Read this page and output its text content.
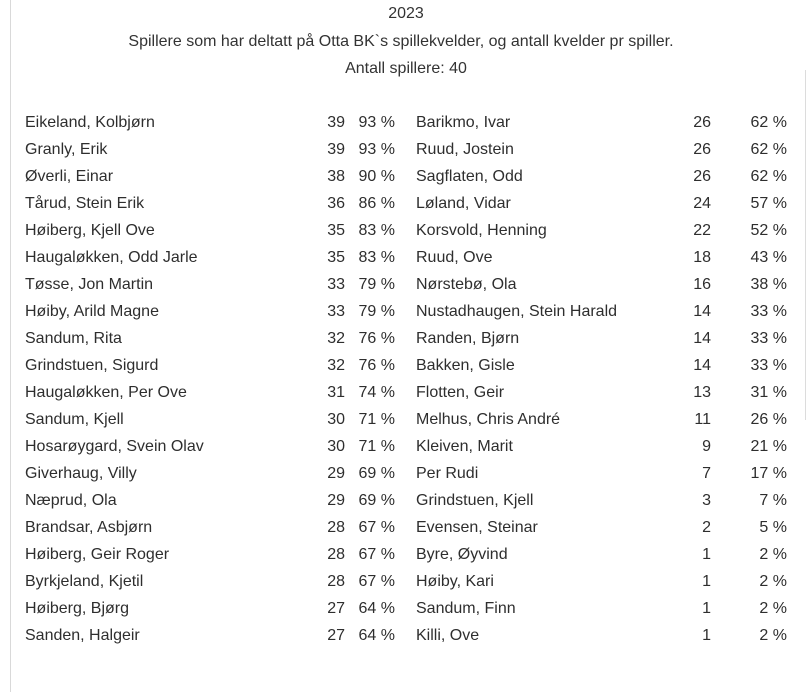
2023
Spillere som har deltatt på Otta BK`s spillekvelder, og antall kvelder pr spiller.
Antall spillere: 40
Eikeland, Kolbjørn	39 93 % Barikmo, Ivar	26	62 %
Granly, Erik	39 93 % Ruud, Jostein	26	62 %
Øverli, Einar	38 90 % Sagflaten, Odd	26	62 %
Tårud, Stein Erik	36 86 % Løland, Vidar	24	57 %
Høiberg, Kjell Ove	35 83 % Korsvold, Henning	22	52 %
Haugaløkken, Odd Jarle	35 83 % Ruud, Ove	18	43 %
Tøsse, Jon Martin	33 79 % Nørstebø, Ola	16	38 %
Høiby, Arild Magne	33 79 % Nustadhaugen, Stein Harald	14	33 %
Sandum, Rita	32 76 % Randen, Bjørn	14	33 %
Grindstuen, Sigurd	32 76 % Bakken, Gisle	14	33 %
Haugaløkken, Per Ove	31 74 % Flotten, Geir	13	31 %
Sandum, Kjell	30 71 % Melhus, Chris André	11	26 %
Hosarøygard, Svein Olav	30 71 % Kleiven, Marit	9	21 %
Giverhaug, Villy	29 69 % Per Rudi	7	17 %
Næprud, Ola	29 69 % Grindstuen, Kjell	3	7 %
Brandsar, Asbjørn	28 67 % Evensen, Steinar	2	5 %
Høiberg, Geir Roger	28 67 % Byre, Øyvind	1	2 %
Byrkjeland, Kjetil	28 67 % Høiby, Kari	1	2 %
Høiberg, Bjørg	27 64 % Sandum, Finn	1	2 %
Sanden, Halgeir	27 64 % Killi, Ove	1	2 %
